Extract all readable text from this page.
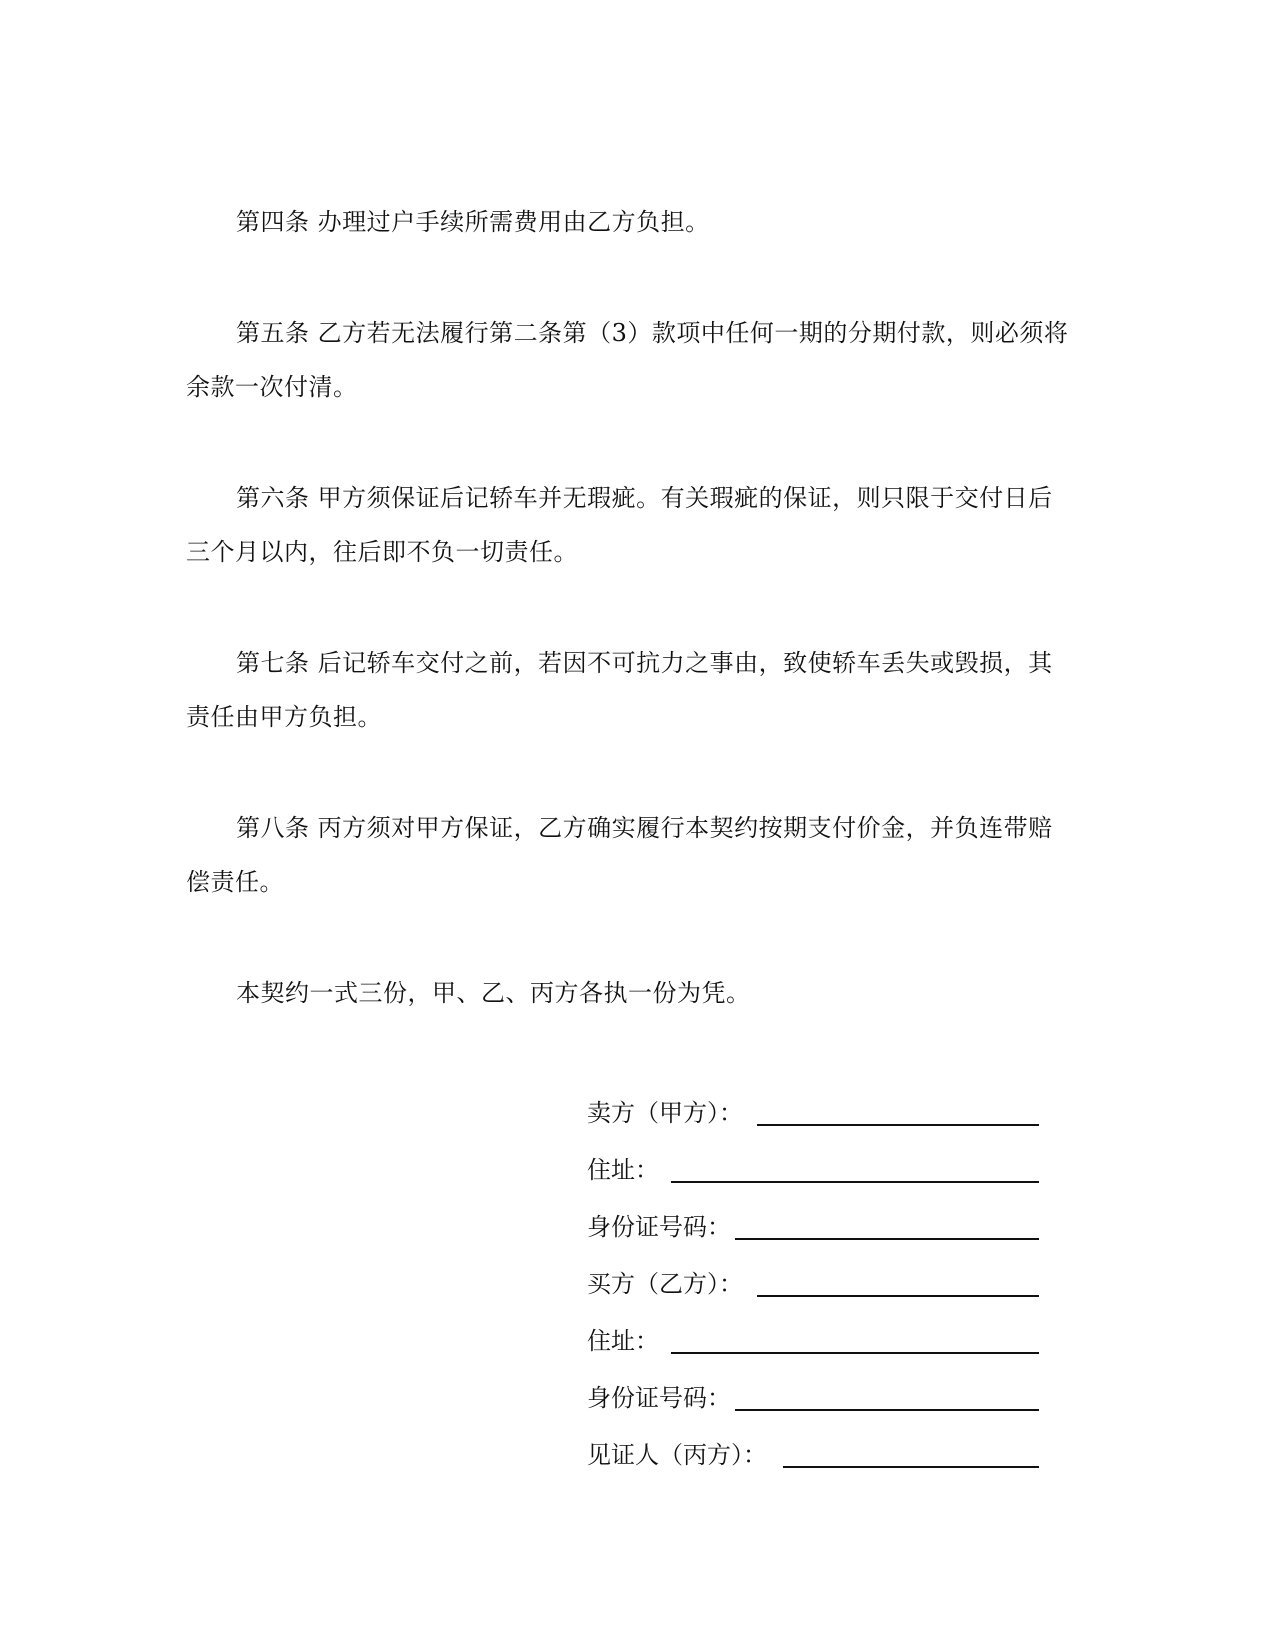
第四条 办理过户手续所需费用由乙方负担。
第五条 乙方若无法履行第二条第（3）款项中任何一期的分期付款，则必须将
余款一次付清。
第六条 甲方须保证后记轿车并无瑕疵。有关瑕疵的保证，则只限于交付日后
三个月以内，往后即不负一切责任。
第七条 后记轿车交付之前，若因不可抗力之事由，致使轿车丢失或毁损，其
责任由甲方负担。
第八条 丙方须对甲方保证，乙方确实履行本契约按期支付价金，并负连带赔
偿责任。
本契约一式三份，甲、乙、丙方各执一份为凭。
卖方（甲方）：
住址：
身份证号码：
买方（乙方）：
住址：
身份证号码：
见证人（丙方）：
